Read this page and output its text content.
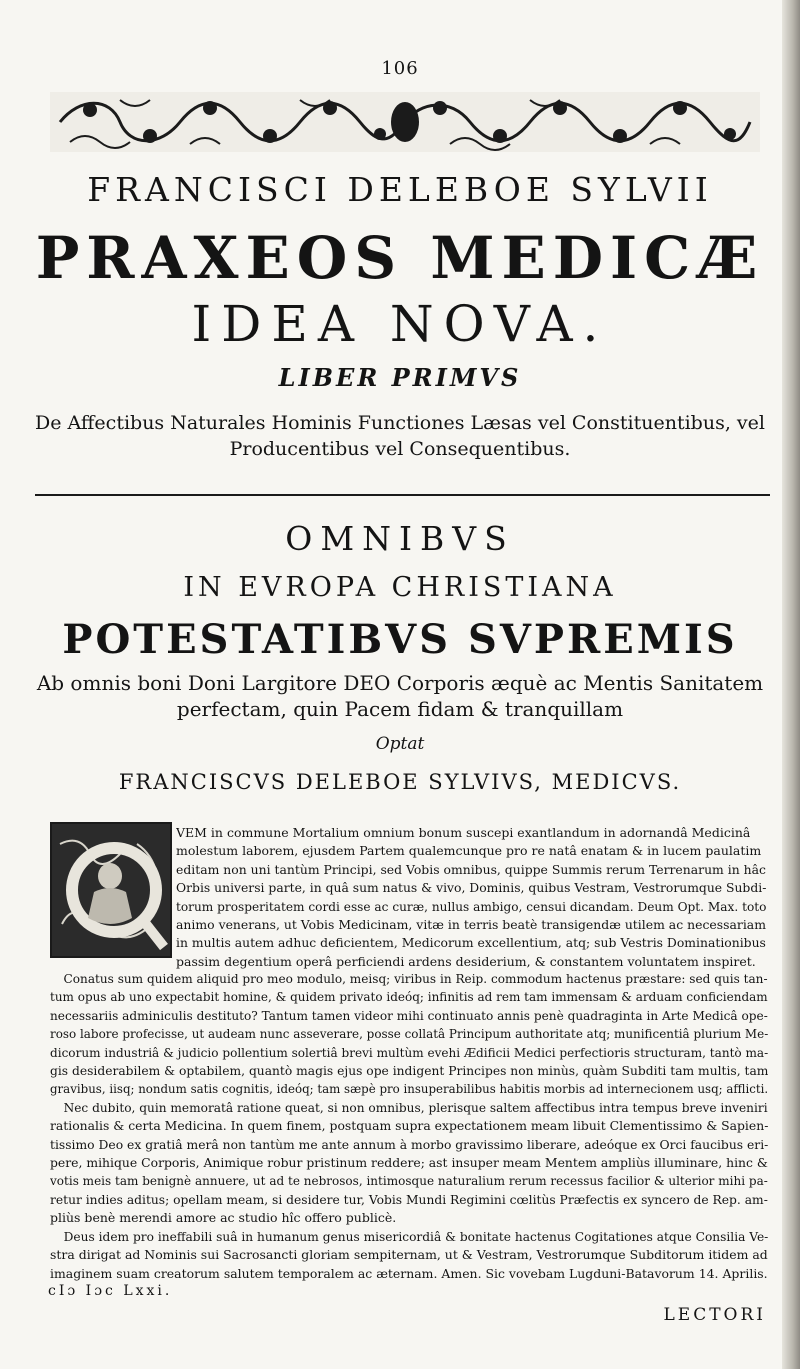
106
FRANCISCI DELEBOE SYLVII
PRAXEOS MEDICÆ
IDEA NOVA.
LIBER PRIMVS
De Affectibus Naturales Hominis Functiones Læsas vel Constituentibus, vel
Producentibus vel Consequentibus.
OMNIBVS
IN EVROPA CHRISTIANA
POTESTATIBVS SVPREMIS
Ab omnis boni Doni Largitore DEO Corporis æquè ac Mentis Sanitatem
perfectam, quin Pacem fidam & tranquillam
Optat
FRANCISCVS DELEBOE SYLVIVS, MEDICVS.
VEM in commune Mortalium omnium bonum suscepi exantlandum in adornandâ Medicinâ
molestum laborem, ejusdem Partem qualemcunque pro re natâ enatam & in lucem paulatim
editam non uni tantùm Principi, sed Vobis omnibus, quippe Summis rerum Terrenarum in hâc
Orbis universi parte, in quâ sum natus & vivo, Dominis, quibus Vestram, Vestrorumque Subdi-
torum prosperitatem cordi esse ac curæ, nullus ambigo, censui dicandam. Deum Opt. Max. toto
animo venerans, ut Vobis Medicinam, vitæ in terris beatè transigendæ utilem ac necessariam
in multis autem adhuc deficientem, Medicorum excellentium, atq; sub Vestris Dominationibus
passim degentium operâ perficiendi ardens desiderium, & constantem voluntatem inspiret.
Conatus sum quidem aliquid pro meo modulo, meisq; viribus in Reip. commodum hactenus præstare: sed quis tan-
tum opus ab uno expectabit homine, & quidem privato ideóq; infinitis ad rem tam immensam & arduam conficiendam
necessariis adminiculis destituto? Tantum tamen videor mihi continuato annis penè quadraginta in Arte Medicâ ope-
roso labore profecisse, ut audeam nunc asseverare, posse collatâ Principum authoritate atq; munificentiâ plurium Me-
dicorum industriâ & judicio pollentium solertiâ brevi multùm evehi Ædificii Medici perfectioris structuram, tantò ma-
gis desiderabilem & optabilem, quantò magis ejus ope indigent Principes non minùs, quàm Subditi tam multis, tam
gravibus, iisq; nondum satis cognitis, ideóq; tam sæpè pro insuperabilibus habitis morbis ad internecionem usq; afflicti.
Nec dubito, quin memoratâ ratione queat, si non omnibus, plerisque saltem affectibus intra tempus breve inveniri
rationalis & certa Medicina. In quem finem, postquam supra expectationem meam libuit Clementissimo & Sapien-
tissimo Deo ex gratiâ merâ non tantùm me ante annum à morbo gravissimo liberare, adeóque ex Orci faucibus eri-
pere, mihique Corporis, Animique robur pristinum reddere; ast insuper meam Mentem ampliùs illuminare, hinc &
votis meis tam benignè annuere, ut ad te nebrosos, intimosque naturalium rerum recessus facilior & ulterior mihi pa-
retur indies aditus; opellam meam, si desidere tur, Vobis Mundi Regimini cœlitùs Præfectis ex syncero de Rep. am-
pliùs benè merendi amore ac studio hîc offero publicè.
Deus idem pro ineffabili suâ in humanum genus misericordiâ & bonitate hactenus Cogitationes atque Consilia Ve-
stra dirigat ad Nominis sui Sacrosancti gloriam sempiternam, ut & Vestram, Vestrorumque Subditorum itidem ad
imaginem suam creatorum salutem temporalem ac æternam. Amen. Sic vovebam Lugduni-Batavorum 14. Aprilis.
cIɔ Iɔc Lxxi.
LECTORI
